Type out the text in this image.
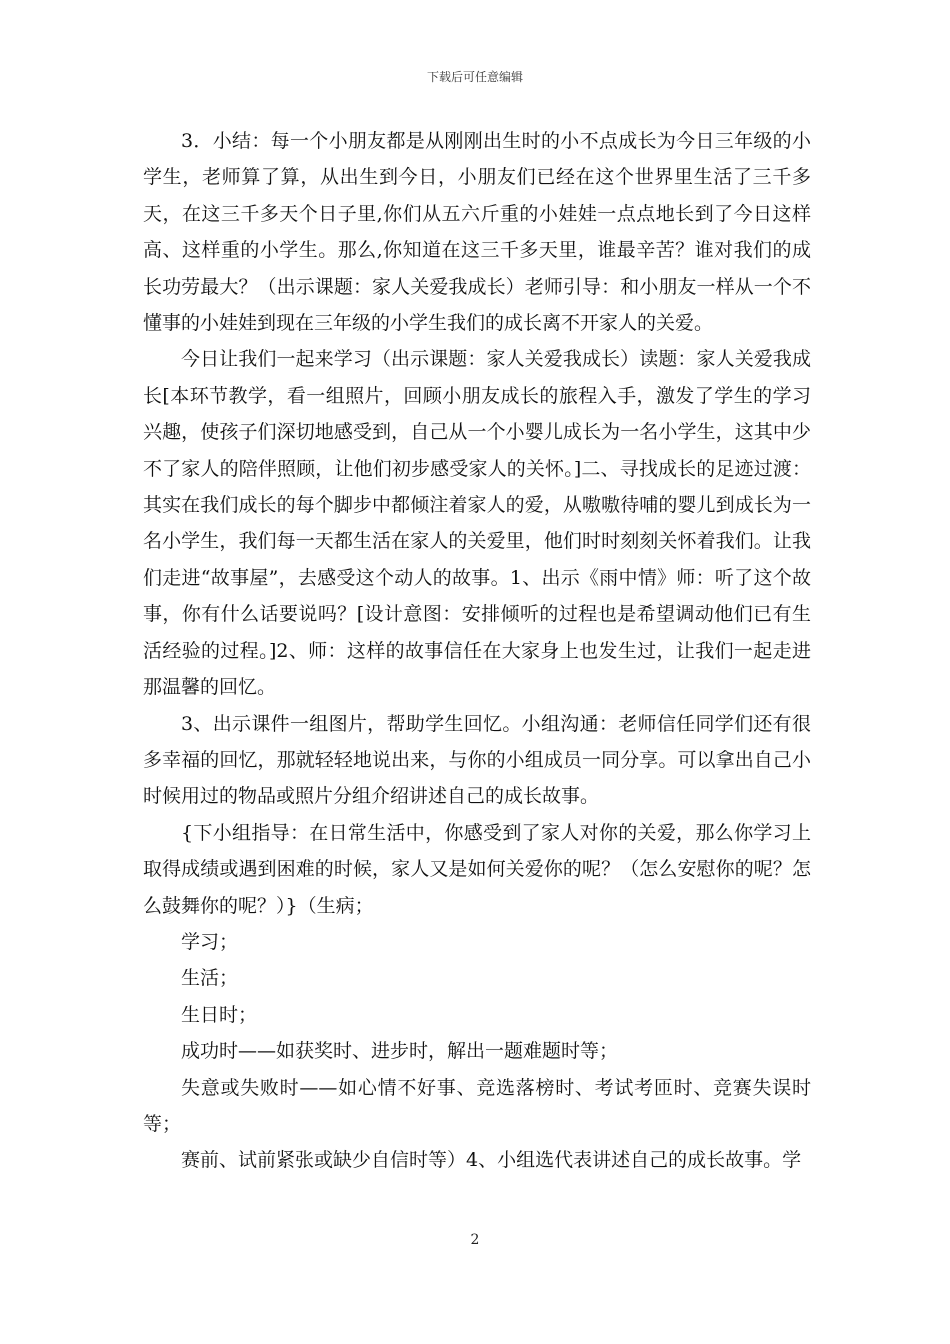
下载后可任意编辑

3．小结：每一个小朋友都是从刚刚出生时的小不点成长为今日三年级的小学生，老师算了算，从出生到今日，小朋友们已经在这个世界里生活了三千多天，在这三千多天个日子里,你们从五六斤重的小娃娃一点点地长到了今日这样高、这样重的小学生。那么,你知道在这三千多天里，谁最辛苦？谁对我们的成长功劳最大？（出示课题：家人关爱我成长）老师引导：和小朋友一样从一个不懂事的小娃娃到现在三年级的小学生我们的成长离不开家人的关爱。

今日让我们一起来学习（出示课题：家人关爱我成长）读题：家人关爱我成长[本环节教学，看一组照片，回顾小朋友成长的旅程入手，激发了学生的学习兴趣，使孩子们深切地感受到，自己从一个小婴儿成长为一名小学生，这其中少不了家人的陪伴照顾，让他们初步感受家人的关怀。]二、寻找成长的足迹过渡：其实在我们成长的每个脚步中都倾注着家人的爱，从嗷嗷待哺的婴儿到成长为一名小学生，我们每一天都生活在家人的关爱里，他们时时刻刻关怀着我们。让我们走进“故事屋”，去感受这个动人的故事。1、出示《雨中情》师：听了这个故事，你有什么话要说吗？[设计意图：安排倾听的过程也是希望调动他们已有生活经验的过程。]2、师：这样的故事信任在大家身上也发生过，让我们一起走进那温馨的回忆。

3、出示课件一组图片，帮助学生回忆。小组沟通：老师信任同学们还有很多幸福的回忆，那就轻轻地说出来，与你的小组成员一同分享。可以拿出自己小时候用过的物品或照片分组介绍讲述自己的成长故事。

{下小组指导：在日常生活中，你感受到了家人对你的关爱，那么你学习上取得成绩或遇到困难的时候，家人又是如何关爱你的呢？（怎么安慰你的呢？怎么鼓舞你的呢？）}（生病；

学习；

生活；

生日时；

成功时——如获奖时、进步时，解出一题难题时等；

失意或失败时——如心情不好事、竞选落榜时、考试考匝时、竞赛失误时等；

赛前、试前紧张或缺少自信时等）4、小组选代表讲述自己的成长故事。学

2
